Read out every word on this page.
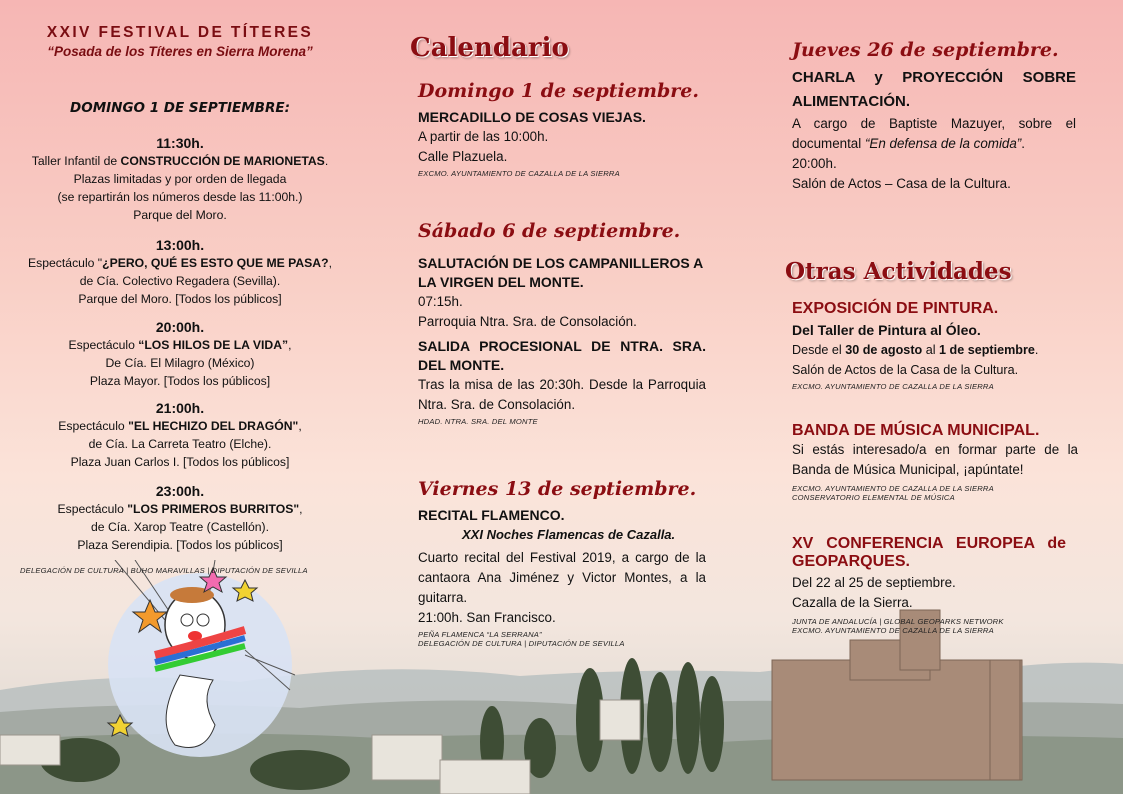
XXIV FESTIVAL DE TÍTERES
“Posada de los Títeres en Sierra Morena”
DOMINGO 1 DE SEPTIEMBRE:
11:30h.
Taller Infantil de CONSTRUCCIÓN DE MARIONETAS.
Plazas limitadas y por orden de llegada
(se repartirán los números desde las 11:00h.)
Parque del Moro.
13:00h.
Espectáculo "¿PERO, QUÉ ES ESTO QUE ME PASA?,
de Cía. Colectivo Regadera (Sevilla).
Parque del Moro. [Todos los públicos]
20:00h.
Espectáculo “LOS HILOS DE LA VIDA”,
De Cía. El Milagro (México)
Plaza Mayor. [Todos los públicos]
21:00h.
Espectáculo "EL HECHIZO DEL DRAGÓN",
de Cía. La Carreta Teatro (Elche).
Plaza Juan Carlos I. [Todos los públicos]
23:00h.
Espectáculo "LOS PRIMEROS BURRITOS",
de Cía. Xarop Teatre (Castellón).
Plaza Serendipia. [Todos los públicos]
DELEGACIÓN DE CULTURA | BUHO MARAVILLAS | DIPUTACIÓN DE SEVILLA
Calendario
Domingo 1 de septiembre.
MERCADILLO DE COSAS VIEJAS.
A partir de las 10:00h.
Calle Plazuela.
EXCMO. AYUNTAMIENTO DE CAZALLA DE LA SIERRA
Sábado 6 de septiembre.
SALUTACIÓN DE LOS CAMPANILLEROS A LA VIRGEN DEL MONTE.
07:15h.
Parroquia Ntra. Sra. de Consolación.
SALIDA PROCESIONAL DE NTRA. SRA. DEL MONTE.
Tras la misa de las 20:30h. Desde la Parroquia Ntra. Sra. de Consolación.
HDAD. NTRA. SRA. DEL MONTE
Viernes 13 de septiembre.
RECITAL FLAMENCO.
XXI Noches Flamencas de Cazalla.
Cuarto recital del Festival 2019, a cargo de la cantaora Ana Jiménez y Victor Montes, a la guitarra.
21:00h. San Francisco.
PEÑA FLAMENCA “LA SERRANA”
DELEGACIÓN DE CULTURA | DIPUTACIÓN DE SEVILLA
Jueves 26 de septiembre.
CHARLA y PROYECCIÓN SOBRE ALIMENTACIÓN.
A cargo de Baptiste Mazuyer, sobre el documental “En defensa de la comida”.
20:00h.
Salón de Actos – Casa de la Cultura.
Otras Actividades
EXPOSICIÓN DE PINTURA.
Del Taller de Pintura al Óleo.
Desde el 30 de agosto al 1 de septiembre.
Salón de Actos de la Casa de la Cultura.
EXCMO. AYUNTAMIENTO DE CAZALLA DE LA SIERRA
BANDA DE MÚSICA MUNICIPAL.
Si estás interesado/a en formar parte de la Banda de Música Municipal, ¡apúntate!
EXCMO. AYUNTAMIENTO DE CAZALLA DE LA SIERRA
CONSERVATORIO ELEMENTAL DE MÚSICA
XV CONFERENCIA EUROPEA de GEOPARQUES.
Del 22 al 25 de septiembre.
Cazalla de la Sierra.
JUNTA DE ANDALUCÍA | GLOBAL GEOPARKS NETWORK
EXCMO. AYUNTAMIENTO DE CAZALLA DE LA SIERRA
